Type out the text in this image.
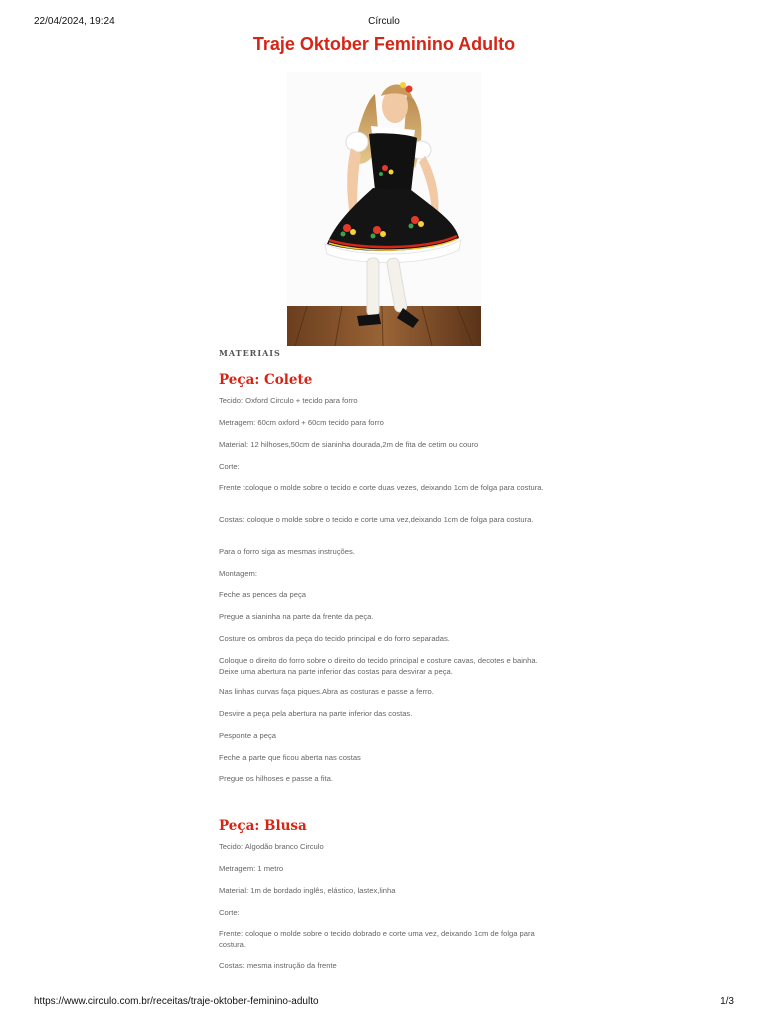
22/04/2024, 19:24	Círculo
Traje Oktober Feminino Adulto
MATERIAIS
Peça: Colete

Tecido: Oxford Circulo + tecido para forro

Metragem: 60cm oxford + 60cm tecido para forro

Material: 12 hilhoses,50cm de sianinha dourada,2m de fita de cetim ou couro

Corte:

Frente :coloque o molde sobre o tecido e corte duas vezes, deixando 1cm de folga para costura.

Costas: coloque o molde sobre o tecido e corte uma vez,deixando 1cm de folga para costura.

Para o forro siga as mesmas instruções.

Montagem:

Feche as pences da peça

Pregue a sianinha na parte da frente da peça.

Costure os ombros da peça do tecido principal e do forro separadas.

Coloque o direito do forro sobre o direito do tecido principal e costure cavas, decotes e bainha. Deixe uma abertura na parte inferior das costas para desvirar a peça.

Nas linhas curvas faça piques.Abra as costuras e passe a ferro.

Desvire a peça pela abertura na parte inferior das costas.

Pesponte a peça

Feche a parte que ficou aberta nas costas

Pregue os hilhoses e passe a fita.

Peça: Blusa

Tecido: Algodão branco Circulo

Metragem: 1 metro

Material: 1m de bordado inglês, elástico, lastex,linha

Corte:

Frente: coloque o molde sobre o tecido dobrado e corte uma vez, deixando 1cm de folga para costura.

Costas: mesma instrução da frente

https://www.circulo.com.br/receitas/traje-oktober-feminino-adulto	1/3
